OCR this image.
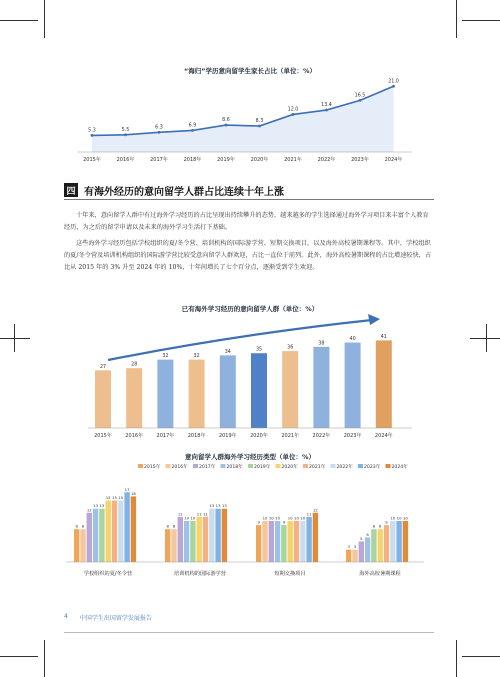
“海归”学历意向留学生家长占比（单位：%）
5.3
2015年
5.5
2016年
6.3
2017年
6.9
2018年
8.6
2019年
8.3
2020年
12.0
2021年
13.4
2022年
16.5
2023年
21.0
2024年
四 有海外经历的意向留学人群占比连续十年上涨

十年来，意向留学人群中有过海外学习经历的占比呈现出持续攀升的态势，越来越多的学生选择通过海外学习项目来丰富个人教育经历，为之后的留学申请以及未来的海外学习生活打下基础。

这些海外学习经历包括学校组织的夏/冬令营、培训机构的国际游学营、短期交换项目，以及海外高校暑期课程等。其中，学校组织的夏/冬令营及培训机构组织的国际游学营比较受意向留学人群欢迎，占比一直位于前列。此外，海外高校暑期课程的占比增速较快，占比从 2015 年的 3% 升至 2024 年的 10%，十年间增长了七个百分点，逐渐受到学生欢迎。

已有海外学习经历的意向留学人群（单位：%）
27
2015年
28
2016年
32
2017年
32
2018年
34
2019年
35
2020年
36
2021年
38
2022年
40
2023年
41
2024年
意向留学人群海外学习经历类型（单位：%）
2015年 2016年 2017年 2018年 2019年 2020年 2021年 2022年 2023年 2024年
8	8
9
3
8	8
10
3
12
11
10
5
13
10	10
6
13
10
9
8
15
11
10
8
15
11
10
9
15
13
10	10
17
13
11
10
16
13
12
10
学校组织的夏/冬令营	培训机构的国际游学营	短期交换项目	海外高校暑期课程
4 中国学生出国留学发展报告
